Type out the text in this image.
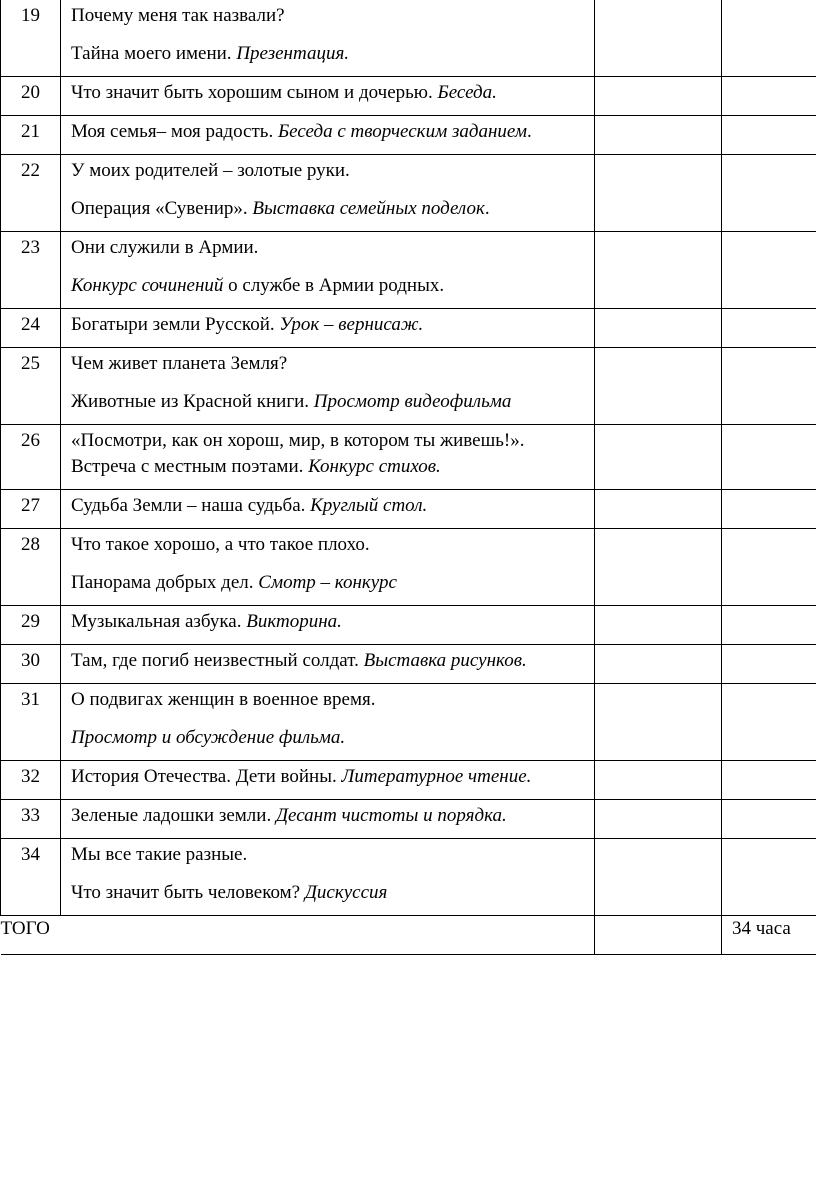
19	Почему меня так назвали?
Тайна моего имени. Презентация.		

20	Что значит быть хорошим сыном и дочерью. Беседа.		

21	Моя семья– моя радость. Беседа с творческим заданием.		

22	У моих родителей – золотые руки.
Операция «Сувенир». Выставка семейных поделок.		

23	Они служили в Армии.
Конкурс сочинений о службе в Армии родных.		

24	Богатыри земли Русской. Урок – вернисаж.		

25	Чем живет планета Земля?
Животные из Красной книги. Просмотр видеофильма		

26	«Посмотри, как он хорош, мир, в котором ты живешь!». Встреча с местным поэтами. Конкурс стихов.		

27	Судьба Земли – наша судьба. Круглый стол.		

28	Что такое хорошо, а что такое плохо.
Панорама добрых дел. Смотр – конкурс		

29	Музыкальная азбука. Викторина.		

30	Там, где погиб неизвестный солдат. Выставка рисунков.		

31	О подвигах женщин в военное время.
Просмотр и обсуждение фильма.		

32	История Отечества. Дети войны. Литературное чтение.		

33	Зеленые ладошки земли. Десант чистоты и порядка.		

34	Мы все такие разные.
Что значит быть человеком? Дискуссия		

ТОГО			34 часа
